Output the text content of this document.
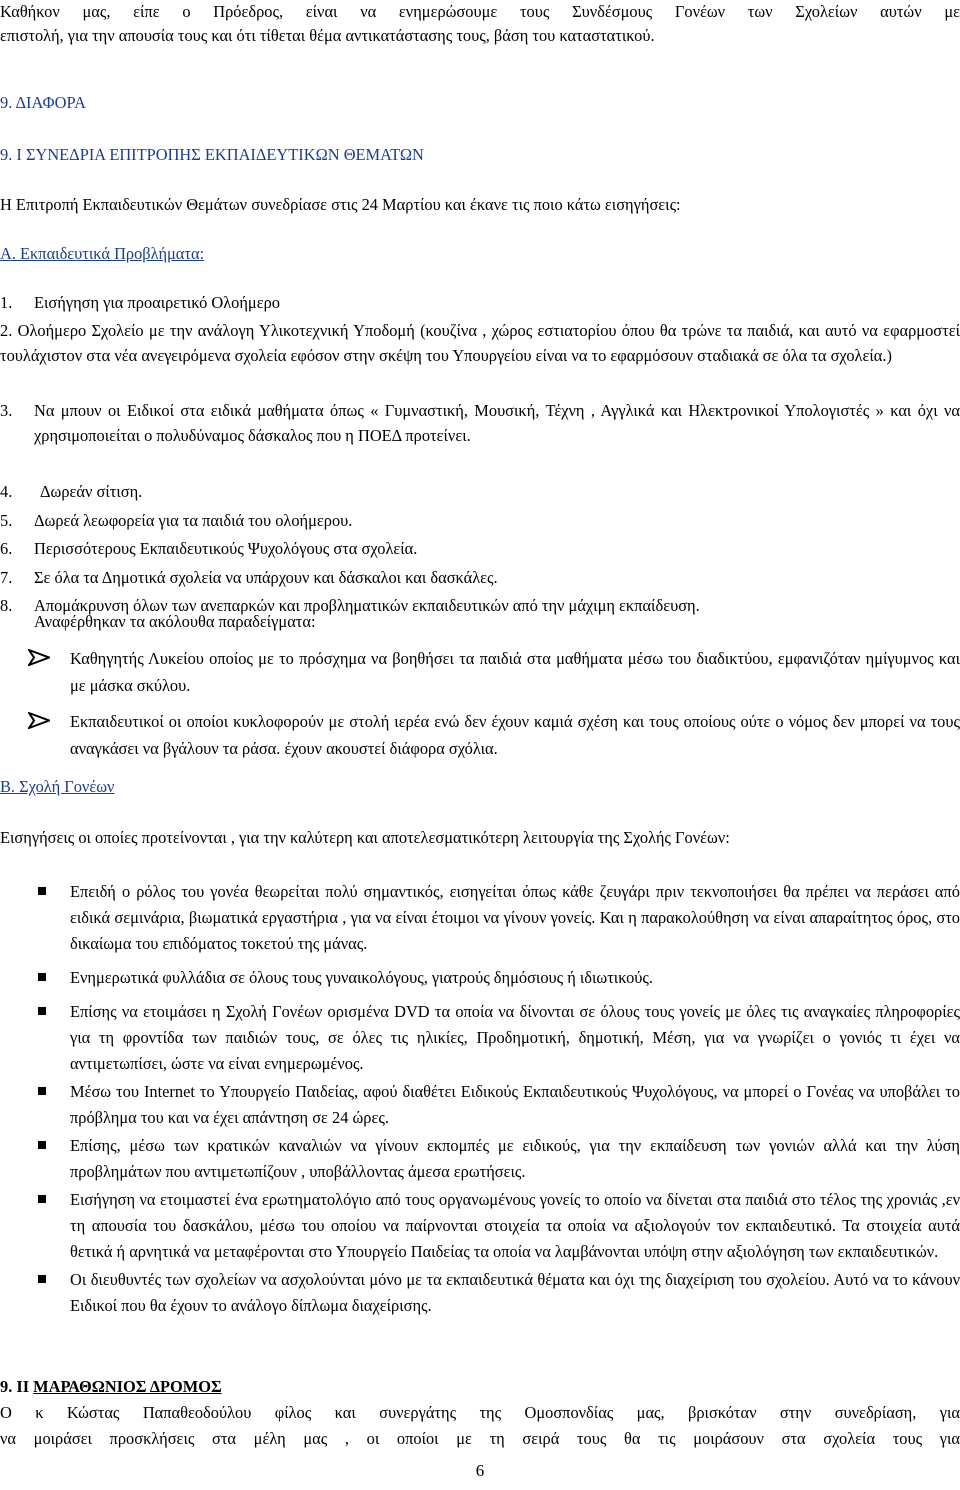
Καθήκον μας, είπε ο Πρόεδρος, είναι να ενημερώσουμε τους Συνδέσμους Γονέων των Σχολείων αυτών με

επιστολή, για την απουσία τους και ότι τίθεται θέμα αντικατάστασης τους, βάση του καταστατικού.

9. ΔΙΑΦΟΡΑ

9. Ι ΣΥΝΕΔΡΙΑ ΕΠΙΤΡΟΠΗΣ ΕΚΠΑΙΔΕΥΤΙΚΩΝ ΘΕΜΑΤΩΝ

Η Επιτροπή Εκπαιδευτικών Θεμάτων συνεδρίασε στις 24 Μαρτίου και έκανε τις ποιο κάτω εισηγήσεις:

Α. Εκπαιδευτικά Προβλήματα:

1.	Εισήγηση για προαιρετικό Ολοήμερο

2. Ολοήμερο Σχολείο με την ανάλογη Υλικοτεχνική Υποδομή (κουζίνα , χώρος εστιατορίου όπου θα τρώνε τα παιδιά, και αυτό να εφαρμοστεί τουλάχιστον στα νέα ανεγειρόμενα σχολεία εφόσον στην σκέψη του Υπουργείου είναι να το εφαρμόσουν σταδιακά σε όλα τα σχολεία.)

3. Να μπουν οι Ειδικοί στα ειδικά μαθήματα όπως « Γυμναστική, Μουσική, Τέχνη , Αγγλικά και Ηλεκτρονικοί Υπολογιστές » και όχι να χρησιμοποιείται ο πολυδύναμος δάσκαλος που η ΠΟΕΔ προτείνει.

4. Δωρεάν σίτιση.
5. Δωρεά λεωφορεία για τα παιδιά του ολοήμερου.
6. Περισσότερους Εκπαιδευτικούς Ψυχολόγους στα σχολεία.
7. Σε όλα τα Δημοτικά σχολεία να υπάρχουν και δάσκαλοι και δασκάλες.
8. Απομάκρυνση όλων των ανεπαρκών και προβληματικών εκπαιδευτικών από την μάχιμη εκπαίδευση.

Αναφέρθηκαν τα ακόλουθα παραδείγματα:

Καθηγητής Λυκείου οποίος με το πρόσχημα να βοηθήσει τα παιδιά στα μαθήματα μέσω του διαδικτύου, εμφανιζόταν ημίγυμνος και με μάσκα σκύλου.

Εκπαιδευτικοί οι οποίοι κυκλοφορούν με στολή ιερέα ενώ δεν έχουν καμιά σχέση και τους οποίους ούτε ο νόμος δεν μπορεί να τους αναγκάσει να βγάλουν τα ράσα. έχουν ακουστεί διάφορα σχόλια.

Β. Σχολή Γονέων

Εισηγήσεις οι οποίες προτείνονται , για την καλύτερη και αποτελεσματικότερη λειτουργία της Σχολής Γονέων:

Επειδή ο ρόλος του γονέα θεωρείται πολύ σημαντικός, εισηγείται όπως κάθε ζευγάρι πριν τεκνοποιήσει θα πρέπει να περάσει από ειδικά σεμινάρια, βιωματικά εργαστήρια , για να είναι έτοιμοι να γίνουν γονείς. Και η παρακολούθηση να είναι απαραίτητος όρος, στο δικαίωμα του επιδόματος τοκετού της μάνας.

Ενημερωτικά φυλλάδια σε όλους τους γυναικολόγους, γιατρούς δημόσιους ή ιδιωτικούς.

Επίσης να ετοιμάσει η Σχολή Γονέων ορισμένα DVD τα οποία να δίνονται σε όλους τους γονείς με όλες τις αναγκαίες πληροφορίες για τη φροντίδα των παιδιών τους, σε όλες τις ηλικίες, Προδημοτική, δημοτική, Μέση, για να γνωρίζει ο γονιός τι έχει να αντιμετωπίσει, ώστε να είναι ενημερωμένος.

Μέσω του Internet το Υπουργείο Παιδείας, αφού διαθέτει Ειδικούς Εκπαιδευτικούς Ψυχολόγους, να μπορεί ο Γονέας να υποβάλει το πρόβλημα του και να έχει απάντηση σε 24 ώρες.

Επίσης, μέσω των κρατικών καναλιών να γίνουν εκπομπές με ειδικούς, για την εκπαίδευση των γονιών αλλά και την λύση προβλημάτων που αντιμετωπίζουν , υποβάλλοντας άμεσα ερωτήσεις.

Εισήγηση να ετοιμαστεί ένα ερωτηματολόγιο από τους οργανωμένους γονείς το οποίο να δίνεται στα παιδιά στο τέλος της χρονιάς ,εν τη απουσία του δασκάλου, μέσω του οποίου να παίρνονται στοιχεία τα οποία να αξιολογούν τον εκπαιδευτικό. Τα στοιχεία αυτά θετικά ή αρνητικά να μεταφέρονται στο Υπουργείο Παιδείας τα οποία να λαμβάνονται υπόψη στην αξιολόγηση των εκπαιδευτικών.

Οι διευθυντές των σχολείων να ασχολούνται μόνο με τα εκπαιδευτικά θέματα και όχι της διαχείριση του σχολείου. Αυτό να το κάνουν Ειδικοί που θα έχουν το ανάλογο δίπλωμα διαχείρισης.

9. ΙΙ ΜΑΡΑΘΩΝΙΟΣ ΔΡΟΜΟΣ

Ο κ Κώστας Παπαθεοδούλου φίλος και συνεργάτης της Ομοσπονδίας μας, βρισκόταν στην συνεδρίαση, για

να μοιράσει προσκλήσεις στα μέλη μας , οι οποίοι με τη σειρά τους θα τις μοιράσουν στα σχολεία τους για

6
